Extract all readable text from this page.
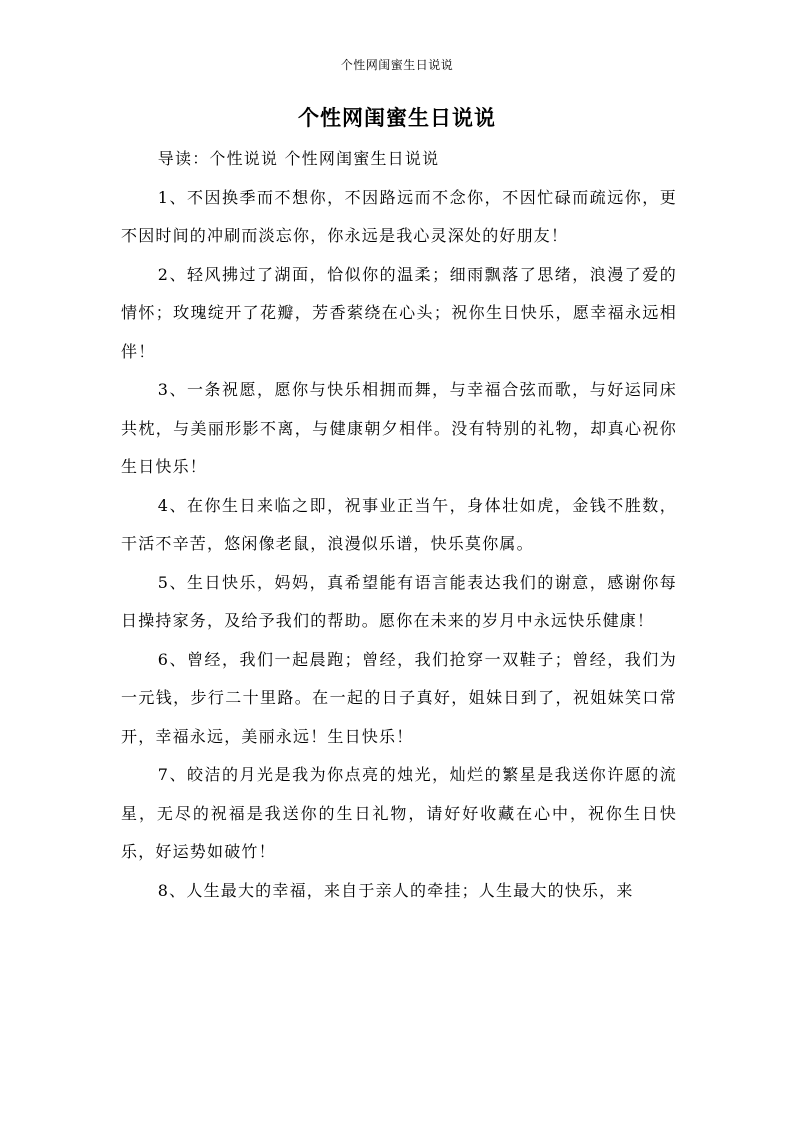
个性网闺蜜生日说说
个性网闺蜜生日说说

导读：个性说说 个性网闺蜜生日说说

1、不因换季而不想你，不因路远而不念你，不因忙碌而疏远你，更不因时间的冲刷而淡忘你，你永远是我心灵深处的好朋友！

2、轻风拂过了湖面，恰似你的温柔；细雨飘落了思绪，浪漫了爱的情怀；玫瑰绽开了花瓣，芳香萦绕在心头；祝你生日快乐，愿幸福永远相伴！

3、一条祝愿，愿你与快乐相拥而舞，与幸福合弦而歌，与好运同床共枕，与美丽形影不离，与健康朝夕相伴。没有特别的礼物，却真心祝你生日快乐！

4、在你生日来临之即，祝事业正当午，身体壮如虎，金钱不胜数，干活不辛苦，悠闲像老鼠，浪漫似乐谱，快乐莫你属。

5、生日快乐，妈妈，真希望能有语言能表达我们的谢意，感谢你每日操持家务，及给予我们的帮助。愿你在未来的岁月中永远快乐健康！

6、曾经，我们一起晨跑；曾经，我们抢穿一双鞋子；曾经，我们为一元钱，步行二十里路。在一起的日子真好，姐妹日到了，祝姐妹笑口常开，幸福永远，美丽永远！生日快乐！

7、皎洁的月光是我为你点亮的烛光，灿烂的繁星是我送你许愿的流星，无尽的祝福是我送你的生日礼物，请好好收藏在心中，祝你生日快乐，好运势如破竹！

8、人生最大的幸福，来自于亲人的牵挂；人生最大的快乐，来
